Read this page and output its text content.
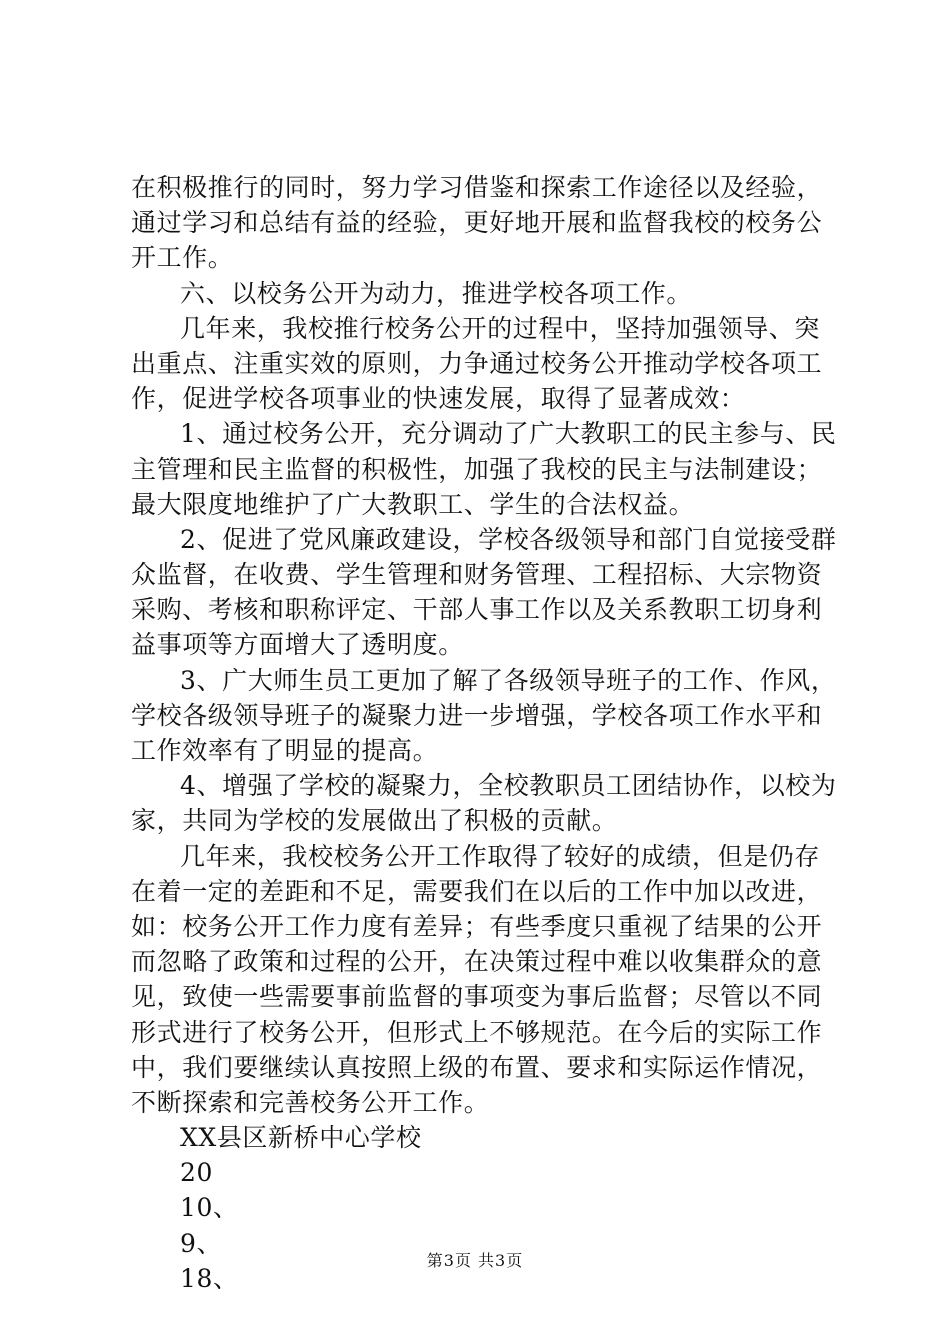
在积极推行的同时，努力学习借鉴和探索工作途径以及经验，
通过学习和总结有益的经验，更好地开展和监督我校的校务公
开工作。
六、以校务公开为动力，推进学校各项工作。
几年来，我校推行校务公开的过程中，坚持加强领导、突
出重点、注重实效的原则，力争通过校务公开推动学校各项工
作，促进学校各项事业的快速发展，取得了显著成效：
1、通过校务公开，充分调动了广大教职工的民主参与、民
主管理和民主监督的积极性，加强了我校的民主与法制建设；
最大限度地维护了广大教职工、学生的合法权益。
2、促进了党风廉政建设，学校各级领导和部门自觉接受群
众监督，在收费、学生管理和财务管理、工程招标、大宗物资
采购、考核和职称评定、干部人事工作以及关系教职工切身利
益事项等方面增大了透明度。
3、广大师生员工更加了解了各级领导班子的工作、作风，
学校各级领导班子的凝聚力进一步增强，学校各项工作水平和
工作效率有了明显的提高。
4、增强了学校的凝聚力，全校教职员工团结协作，以校为
家，共同为学校的发展做出了积极的贡献。
几年来，我校校务公开工作取得了较好的成绩，但是仍存
在着一定的差距和不足，需要我们在以后的工作中加以改进，
如：校务公开工作力度有差异；有些季度只重视了结果的公开
而忽略了政策和过程的公开，在决策过程中难以收集群众的意
见，致使一些需要事前监督的事项变为事后监督；尽管以不同
形式进行了校务公开，但形式上不够规范。在今后的实际工作
中，我们要继续认真按照上级的布置、要求和实际运作情况，
不断探索和完善校务公开工作。
XX县区新桥中心学校
20
10、
9、
18、
第3页 共3页
